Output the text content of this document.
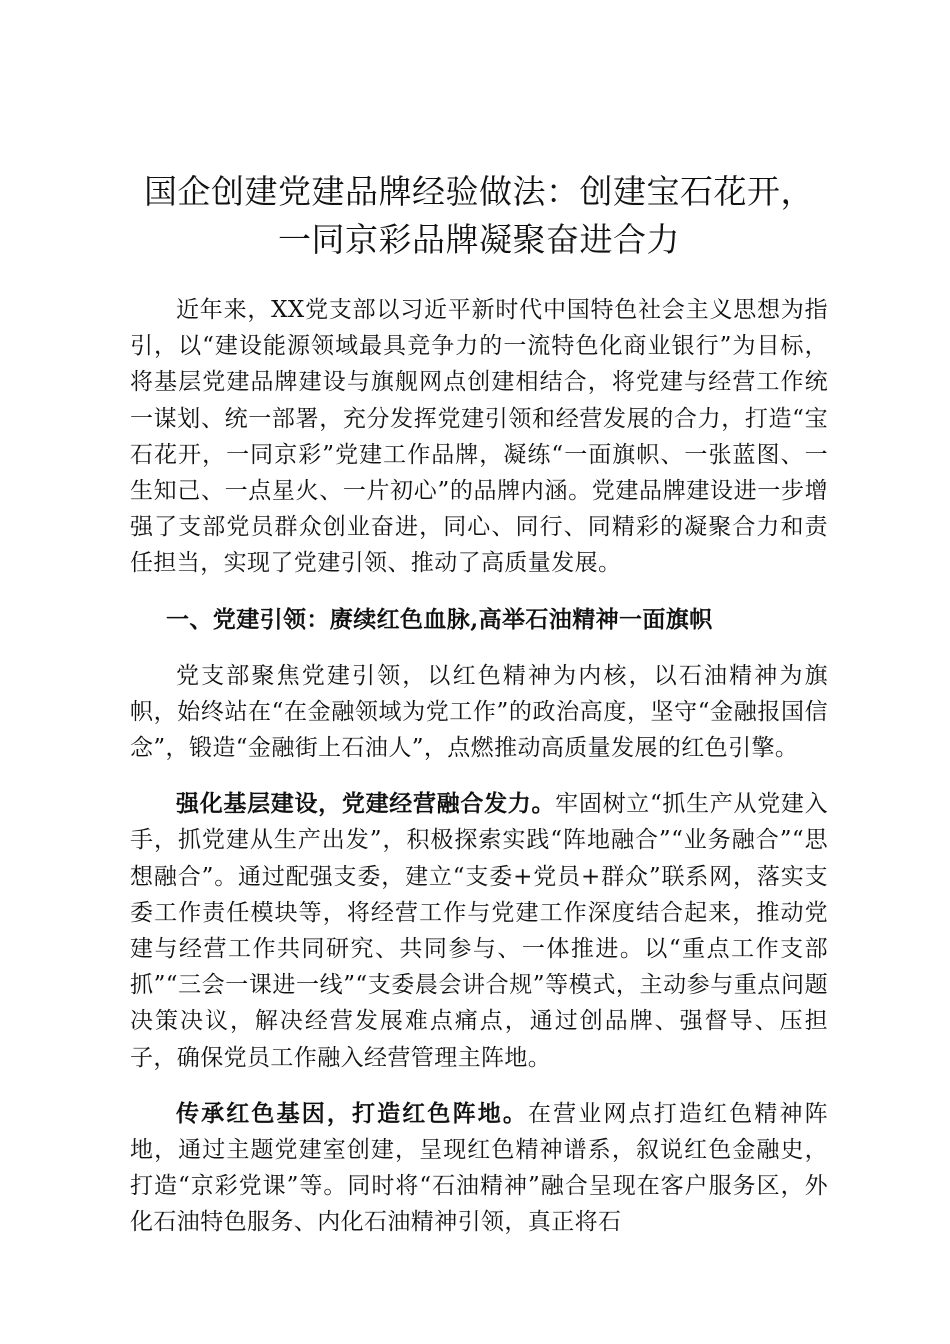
国企创建党建品牌经验做法：创建宝石花开，
一同京彩品牌凝聚奋进合力

近年来，XX党支部以习近平新时代中国特色社会主义思想为指引，以“建设能源领域最具竞争力的一流特色化商业银行”为目标，将基层党建品牌建设与旗舰网点创建相结合，将党建与经营工作统一谋划、统一部署，充分发挥党建引领和经营发展的合力，打造“宝石花开，一同京彩”党建工作品牌，凝练“一面旗帜、一张蓝图、一生知己、一点星火、一片初心”的品牌内涵。党建品牌建设进一步增强了支部党员群众创业奋进，同心、同行、同精彩的凝聚合力和责任担当，实现了党建引领、推动了高质量发展。

一、党建引领：赓续红色血脉,高举石油精神一面旗帜

党支部聚焦党建引领，以红色精神为内核，以石油精神为旗帜，始终站在“在金融领域为党工作”的政治高度，坚守“金融报国信念”，锻造“金融街上石油人”，点燃推动高质量发展的红色引擎。

强化基层建设，党建经营融合发力。牢固树立“抓生产从党建入手，抓党建从生产出发”，积极探索实践“阵地融合”“业务融合”“思想融合”。通过配强支委，建立“支委+党员+群众”联系网，落实支委工作责任模块等，将经营工作与党建工作深度结合起来，推动党建与经营工作共同研究、共同参与、一体推进。以“重点工作支部抓”“三会一课进一线”“支委晨会讲合规”等模式，主动参与重点问题决策决议，解决经营发展难点痛点，通过创品牌、强督导、压担子，确保党员工作融入经营管理主阵地。

传承红色基因，打造红色阵地。在营业网点打造红色精神阵地，通过主题党建室创建，呈现红色精神谱系，叙说红色金融史，打造“京彩党课”等。同时将“石油精神”融合呈现在客户服务区，外化石油特色服务、内化石油精神引领，真正将石
